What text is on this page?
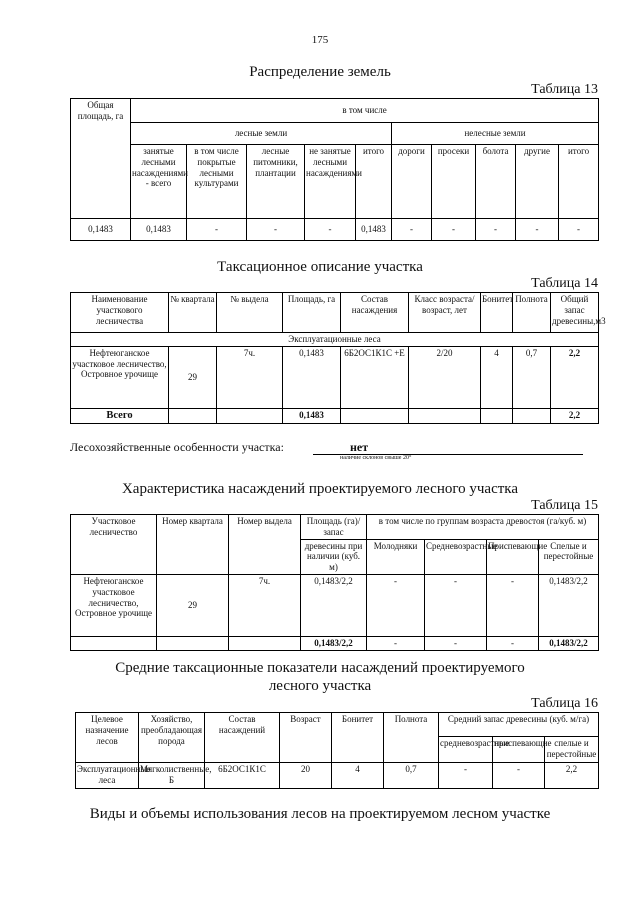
175
Распределение земель
Таблица 13
Общая площадь, га	в том числе									
	лесные земли					нелесные земли				
	занятые лесными насаждениями - всего	в том числе покрытые лесными культурами	лесные питомники, плантации	не занятые лесными насаждениями	итого	дороги	просеки	болота	другие	итого
0,1483	0,1483	-	-	-	0,1483	-	-	-	-	-
Таксационное описание участка
Таблица 14
Наименование участкового лесничества	№ квартала	№ выдела	Площадь, га	Состав насаждения	Класс возраста/ возраст, лет	Бонитет	Полнота	Общий запас древесины,м3
Эксплуатационные леса								
Нефтеюганское участковое лесничество, Островное урочище	29	7ч.	0,1483	6Б2ОС1К1С +Е	2/20	4	0,7	2,2
Всего			0,1483					2,2
Лесохозяйственные особенности участка:	нет
наличие склонов свыше 20°
Характеристика насаждений проектируемого лесного участка
Таблица 15
Участковое лесничество	Номер квартала	Номер выдела	Площадь (га)/запас	в том числе по группам возраста древостоя (га/куб. м)			
			древесины при наличии (куб. м)	Молодняки	Средневозрастные	Приспевающие	Спелые и перестойные
Нефтеюганское участковое лесничество, Островное урочище	29	7ч.	0,1483/2,2	-	-	-	0,1483/2,2
			0,1483/2,2	-	-	-	0,1483/2,2
Средние таксационные показатели насаждений проектируемого
лесного участка
Таблица 16
Целевое назначение лесов	Хозяйство, преобладающая порода	Состав насаждений	Возраст	Бонитет	Полнота	Средний запас древесины (куб. м/га)		
						средневозрастные	приспевающие	спелые и перестойные
Эксплуатационные леса	Мягколиственные, Б	6Б2ОС1К1С	20	4	0,7	-	-	2,2
Виды и объемы использования лесов на проектируемом лесном участке
